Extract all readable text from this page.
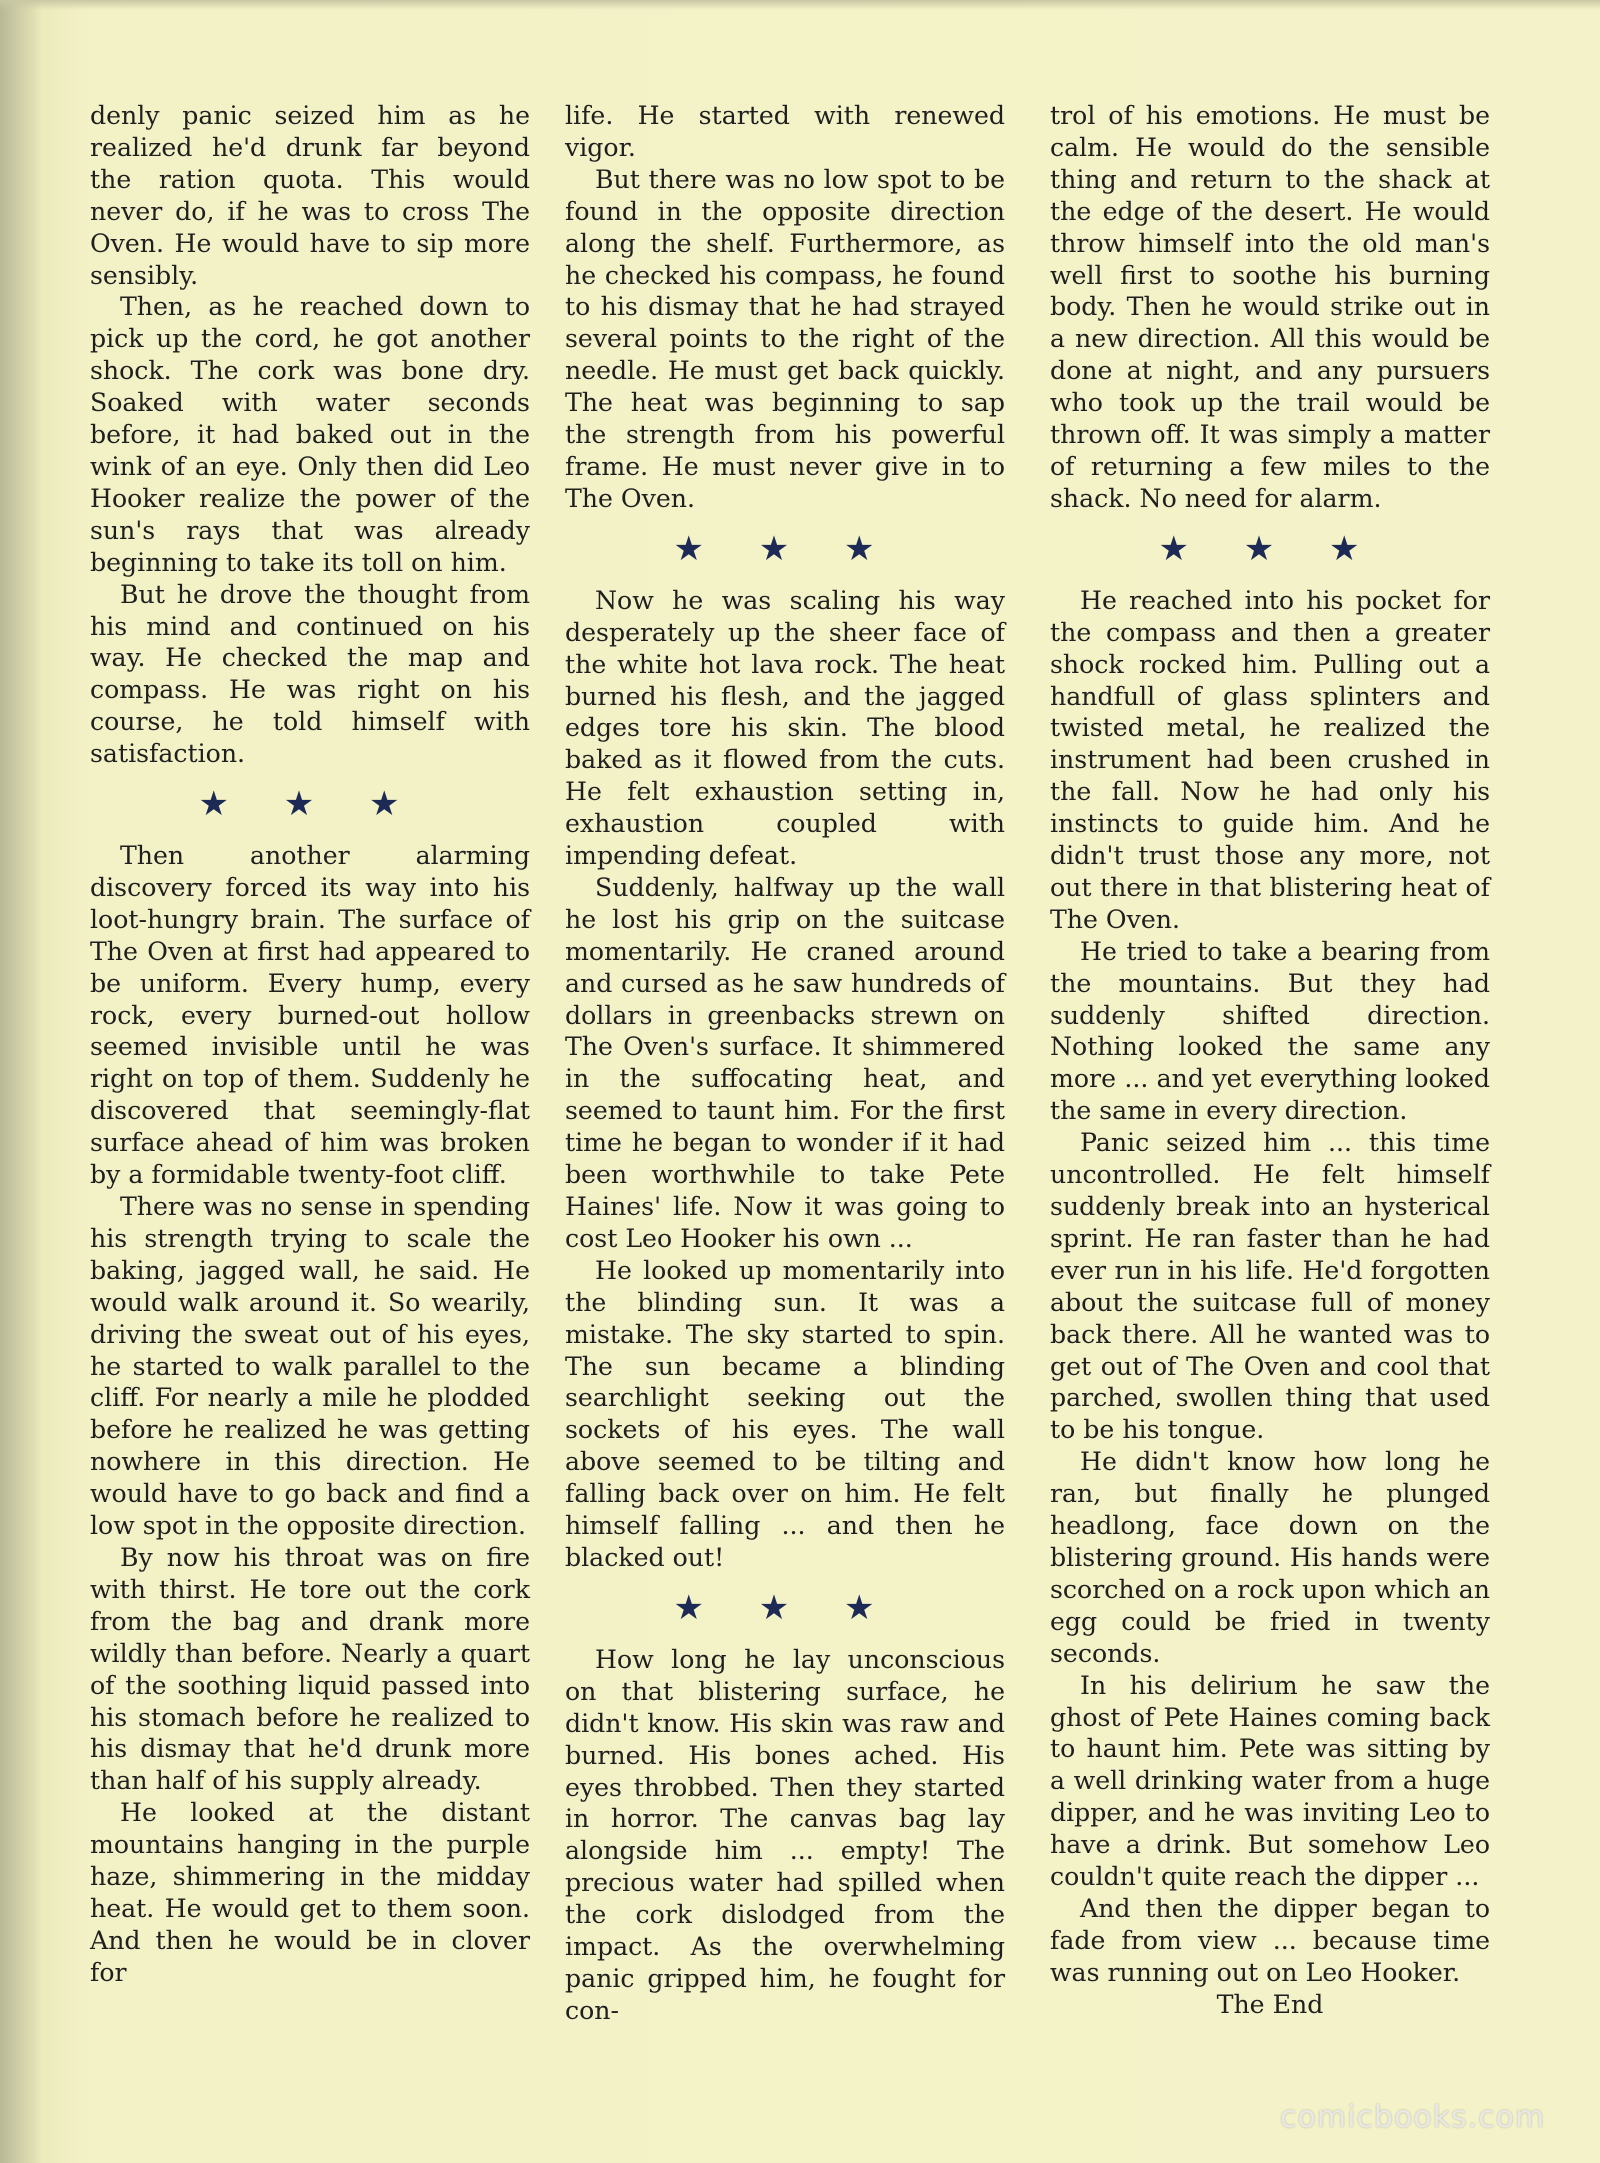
denly panic seized him as he realized he'd drunk far beyond the ration quota. This would never do, if he was to cross The Oven. He would have to sip more sensibly.

Then, as he reached down to pick up the cord, he got another shock. The cork was bone dry. Soaked with water seconds before, it had baked out in the wink of an eye. Only then did Leo Hooker realize the power of the sun's rays that was already beginning to take its toll on him.

But he drove the thought from his mind and continued on his way. He checked the map and compass. He was right on his course, he told himself with satisfaction.

★ ★ ★

Then another alarming discovery forced its way into his loot-hungry brain. The surface of The Oven at first had appeared to be uniform. Every hump, every rock, every burned-out hollow seemed invisible until he was right on top of them. Suddenly he discovered that seemingly-flat surface ahead of him was broken by a formidable twenty-foot cliff.

There was no sense in spending his strength trying to scale the baking, jagged wall, he said. He would walk around it. So wearily, driving the sweat out of his eyes, he started to walk parallel to the cliff. For nearly a mile he plodded before he realized he was getting nowhere in this direction. He would have to go back and find a low spot in the opposite direction.

By now his throat was on fire with thirst. He tore out the cork from the bag and drank more wildly than before. Nearly a quart of the soothing liquid passed into his stomach before he realized to his dismay that he'd drunk more than half of his supply already.

He looked at the distant mountains hanging in the purple haze, shimmering in the midday heat. He would get to them soon. And then he would be in clover for

life. He started with renewed vigor.

But there was no low spot to be found in the opposite direction along the shelf. Furthermore, as he checked his compass, he found to his dismay that he had strayed several points to the right of the needle. He must get back quickly. The heat was beginning to sap the strength from his powerful frame. He must never give in to The Oven.

★ ★ ★

Now he was scaling his way desperately up the sheer face of the white hot lava rock. The heat burned his flesh, and the jagged edges tore his skin. The blood baked as it flowed from the cuts. He felt exhaustion setting in, exhaustion coupled with impending defeat.

Suddenly, halfway up the wall he lost his grip on the suitcase momentarily. He craned around and cursed as he saw hundreds of dollars in greenbacks strewn on The Oven's surface. It shimmered in the suffocating heat, and seemed to taunt him. For the first time he began to wonder if it had been worthwhile to take Pete Haines' life. Now it was going to cost Leo Hooker his own ...

He looked up momentarily into the blinding sun. It was a mistake. The sky started to spin. The sun became a blinding searchlight seeking out the sockets of his eyes. The wall above seemed to be tilting and falling back over on him. He felt himself falling ... and then he blacked out!

★ ★ ★

How long he lay unconscious on that blistering surface, he didn't know. His skin was raw and burned. His bones ached. His eyes throbbed. Then they started in horror. The canvas bag lay alongside him ... empty! The precious water had spilled when the cork dislodged from the impact. As the overwhelming panic gripped him, he fought for con-

trol of his emotions. He must be calm. He would do the sensible thing and return to the shack at the edge of the desert. He would throw himself into the old man's well first to soothe his burning body. Then he would strike out in a new direction. All this would be done at night, and any pursuers who took up the trail would be thrown off. It was simply a matter of returning a few miles to the shack. No need for alarm.

★ ★ ★

He reached into his pocket for the compass and then a greater shock rocked him. Pulling out a handfull of glass splinters and twisted metal, he realized the instrument had been crushed in the fall. Now he had only his instincts to guide him. And he didn't trust those any more, not out there in that blistering heat of The Oven.

He tried to take a bearing from the mountains. But they had suddenly shifted direction. Nothing looked the same any more ... and yet everything looked the same in every direction.

Panic seized him ... this time uncontrolled. He felt himself suddenly break into an hysterical sprint. He ran faster than he had ever run in his life. He'd forgotten about the suitcase full of money back there. All he wanted was to get out of The Oven and cool that parched, swollen thing that used to be his tongue.

He didn't know how long he ran, but finally he plunged headlong, face down on the blistering ground. His hands were scorched on a rock upon which an egg could be fried in twenty seconds.

In his delirium he saw the ghost of Pete Haines coming back to haunt him. Pete was sitting by a well drinking water from a huge dipper, and he was inviting Leo to have a drink. But somehow Leo couldn't quite reach the dipper ...

And then the dipper began to fade from view ... because time was running out on Leo Hooker.

The End

comicbooks.com
